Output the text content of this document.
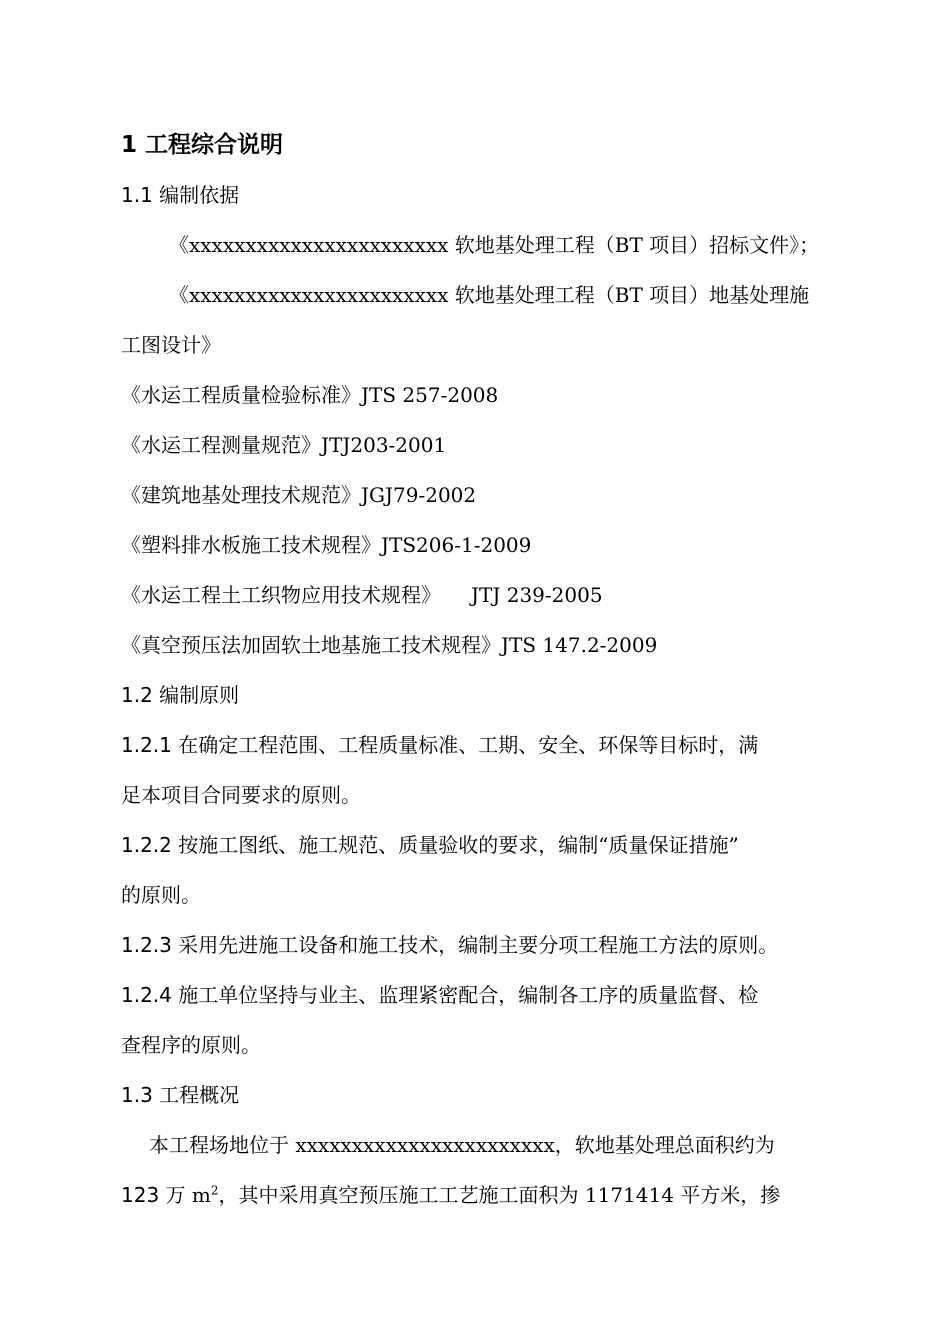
1 工程综合说明
1.1 编制依据
《xxxxxxxxxxxxxxxxxxxxxxx 软地基处理工程（BT 项目）招标文件》；
《xxxxxxxxxxxxxxxxxxxxxxx 软地基处理工程（BT 项目）地基处理施
工图设计》
《水运工程质量检验标准》JTS 257-2008
《水运工程测量规范》JTJ203-2001
《建筑地基处理技术规范》JGJ79-2002
《塑料排水板施工技术规程》JTS206-1-2009
《水运工程土工织物应用技术规程》 JTJ 239-2005
《真空预压法加固软土地基施工技术规程》JTS 147.2-2009
1.2 编制原则
1.2.1 在确定工程范围、工程质量标准、工期、安全、环保等目标时，满
足本项目合同要求的原则。
1.2.2 按施工图纸、施工规范、质量验收的要求，编制“质量保证措施”
的原则。
1.2.3 采用先进施工设备和施工技术，编制主要分项工程施工方法的原则。
1.2.4 施工单位坚持与业主、监理紧密配合，编制各工序的质量监督、检
查程序的原则。
1.3 工程概况
本工程场地位于 xxxxxxxxxxxxxxxxxxxxxxx，软地基处理总面积约为
123 万 $m^2$，其中采用真空预压施工工艺施工面积为 1171414 平方米，掺
